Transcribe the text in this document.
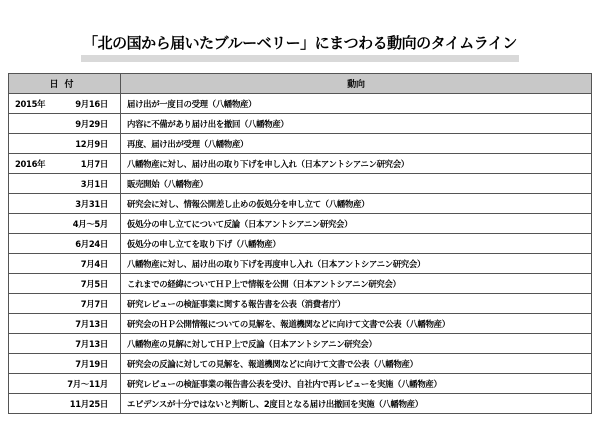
「北の国から届いたブルーベリー」にまつわる動向のタイムライン
日付	動向

2015年 9月16日	届け出が一度目の受理（八幡物産）

9月29日	内容に不備があり届け出を撤回（八幡物産）

12月9日	再度、届け出が受理（八幡物産）

2016年 1月7日	八幡物産に対し、届け出の取り下げを申し入れ（日本アントシアニン研究会）

3月1日	販売開始（八幡物産）

3月31日	研究会に対し、情報公開差し止めの仮処分を申し立て（八幡物産）

4月〜5月	仮処分の申し立てについて反論（日本アントシアニン研究会）

6月24日	仮処分の申し立てを取り下げ（八幡物産）

7月4日	八幡物産に対し、届け出の取り下げを再度申し入れ（日本アントシアニン研究会）

7月5日	これまでの経緯についてＨＰ上で情報を公開（日本アントシアニン研究会）

7月7日	研究レビューの検証事業に関する報告書を公表（消費者庁）

7月13日	研究会のＨＰ公開情報についての見解を、報道機関などに向けて文書で公表（八幡物産）

7月13日	八幡物産の見解に対してＨＰ上で反論（日本アントシアニン研究会）

7月19日	研究会の反論に対しての見解を、報道機関などに向けて文書で公表（八幡物産）

7月〜11月	研究レビューの検証事業の報告書公表を受け、自社内で再レビューを実施（八幡物産）

11月25日	エビデンスが十分ではないと判断し、2度目となる届け出撤回を実施（八幡物産）
